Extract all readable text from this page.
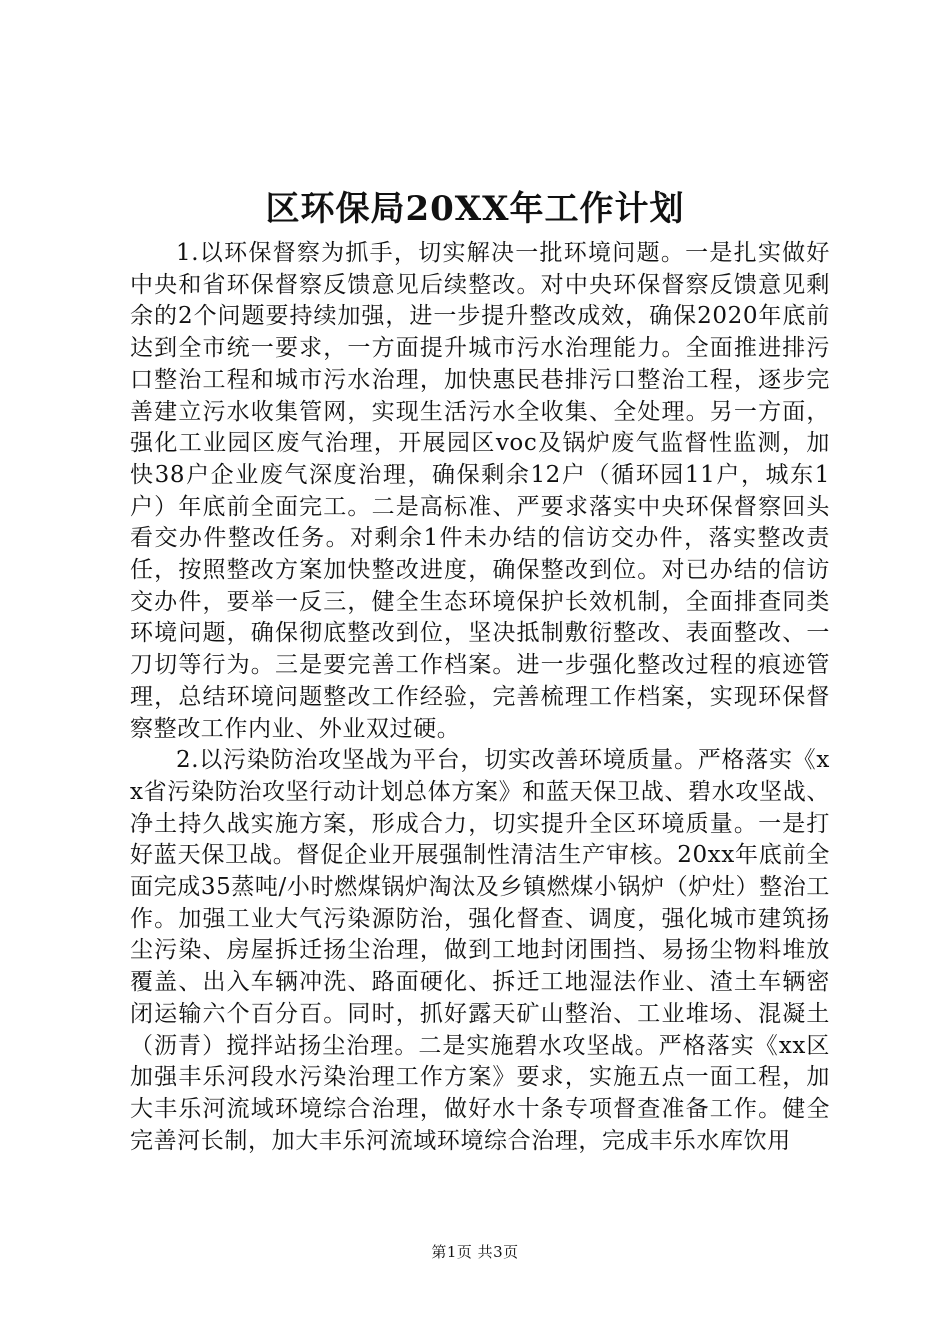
区环保局20XX年工作计划

1.以环保督察为抓手，切实解决一批环境问题。一是扎实做好中央和省环保督察反馈意见后续整改。对中央环保督察反馈意见剩余的2个问题要持续加强，进一步提升整改成效，确保2020年底前达到全市统一要求，一方面提升城市污水治理能力。全面推进排污口整治工程和城市污水治理，加快惠民巷排污口整治工程，逐步完善建立污水收集管网，实现生活污水全收集、全处理。另一方面，强化工业园区废气治理，开展园区voc及锅炉废气监督性监测，加快38户企业废气深度治理，确保剩余12户（循环园11户，城东1户）年底前全面完工。二是高标准、严要求落实中央环保督察回头看交办件整改任务。对剩余1件未办结的信访交办件，落实整改责任，按照整改方案加快整改进度，确保整改到位。对已办结的信访交办件，要举一反三，健全生态环境保护长效机制，全面排查同类环境问题，确保彻底整改到位，坚决抵制敷衍整改、表面整改、一刀切等行为。三是要完善工作档案。进一步强化整改过程的痕迹管理，总结环境问题整改工作经验，完善梳理工作档案，实现环保督察整改工作内业、外业双过硬。

2.以污染防治攻坚战为平台，切实改善环境质量。严格落实《xx省污染防治攻坚行动计划总体方案》和蓝天保卫战、碧水攻坚战、净土持久战实施方案，形成合力，切实提升全区环境质量。一是打好蓝天保卫战。督促企业开展强制性清洁生产审核。20xx年底前全面完成35蒸吨/小时燃煤锅炉淘汰及乡镇燃煤小锅炉（炉灶）整治工作。加强工业大气污染源防治，强化督查、调度，强化城市建筑扬尘污染、房屋拆迁扬尘治理，做到工地封闭围挡、易扬尘物料堆放覆盖、出入车辆冲洗、路面硬化、拆迁工地湿法作业、渣土车辆密闭运输六个百分百。同时，抓好露天矿山整治、工业堆场、混凝土（沥青）搅拌站扬尘治理。二是实施碧水攻坚战。严格落实《xx区加强丰乐河段水污染治理工作方案》要求，实施五点一面工程，加大丰乐河流域环境综合治理，做好水十条专项督查准备工作。健全完善河长制，加大丰乐河流域环境综合治理，完成丰乐水库饮用

第1页 共3页
